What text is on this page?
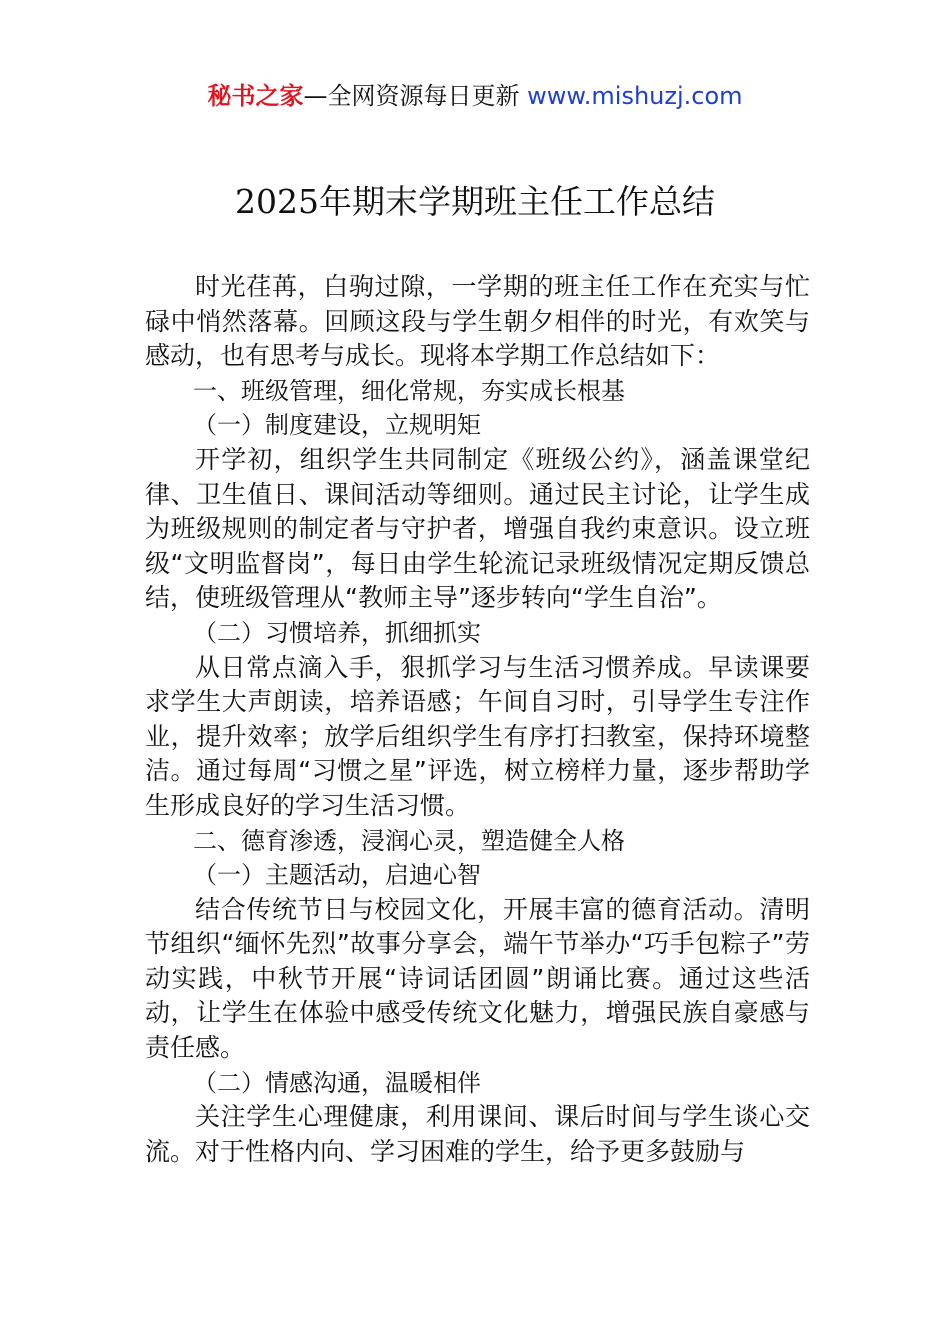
秘书之家—全网资源每日更新 www.mishuzj.com
2025年期末学期班主任工作总结

时光荏苒，白驹过隙，一学期的班主任工作在充实与忙碌中悄然落幕。回顾这段与学生朝夕相伴的时光，有欢笑与感动，也有思考与成长。现将本学期工作总结如下：

一、班级管理，细化常规，夯实成长根基

（一）制度建设，立规明矩

开学初，组织学生共同制定《班级公约》，涵盖课堂纪律、卫生值日、课间活动等细则。通过民主讨论，让学生成为班级规则的制定者与守护者，增强自我约束意识。设立班级“文明监督岗”，每日由学生轮流记录班级情况定期反馈总结，使班级管理从“教师主导”逐步转向“学生自治”。

（二）习惯培养，抓细抓实

从日常点滴入手，狠抓学习与生活习惯养成。早读课要求学生大声朗读，培养语感；午间自习时，引导学生专注作业，提升效率；放学后组织学生有序打扫教室，保持环境整洁。通过每周“习惯之星”评选，树立榜样力量，逐步帮助学生形成良好的学习生活习惯。

二、德育渗透，浸润心灵，塑造健全人格

（一）主题活动，启迪心智

结合传统节日与校园文化，开展丰富的德育活动。清明节组织“缅怀先烈”故事分享会，端午节举办“巧手包粽子”劳动实践，中秋节开展“诗词话团圆”朗诵比赛。通过这些活动，让学生在体验中感受传统文化魅力，增强民族自豪感与责任感。

（二）情感沟通，温暖相伴

关注学生心理健康，利用课间、课后时间与学生谈心交流。对于性格内向、学习困难的学生，给予更多鼓励与
